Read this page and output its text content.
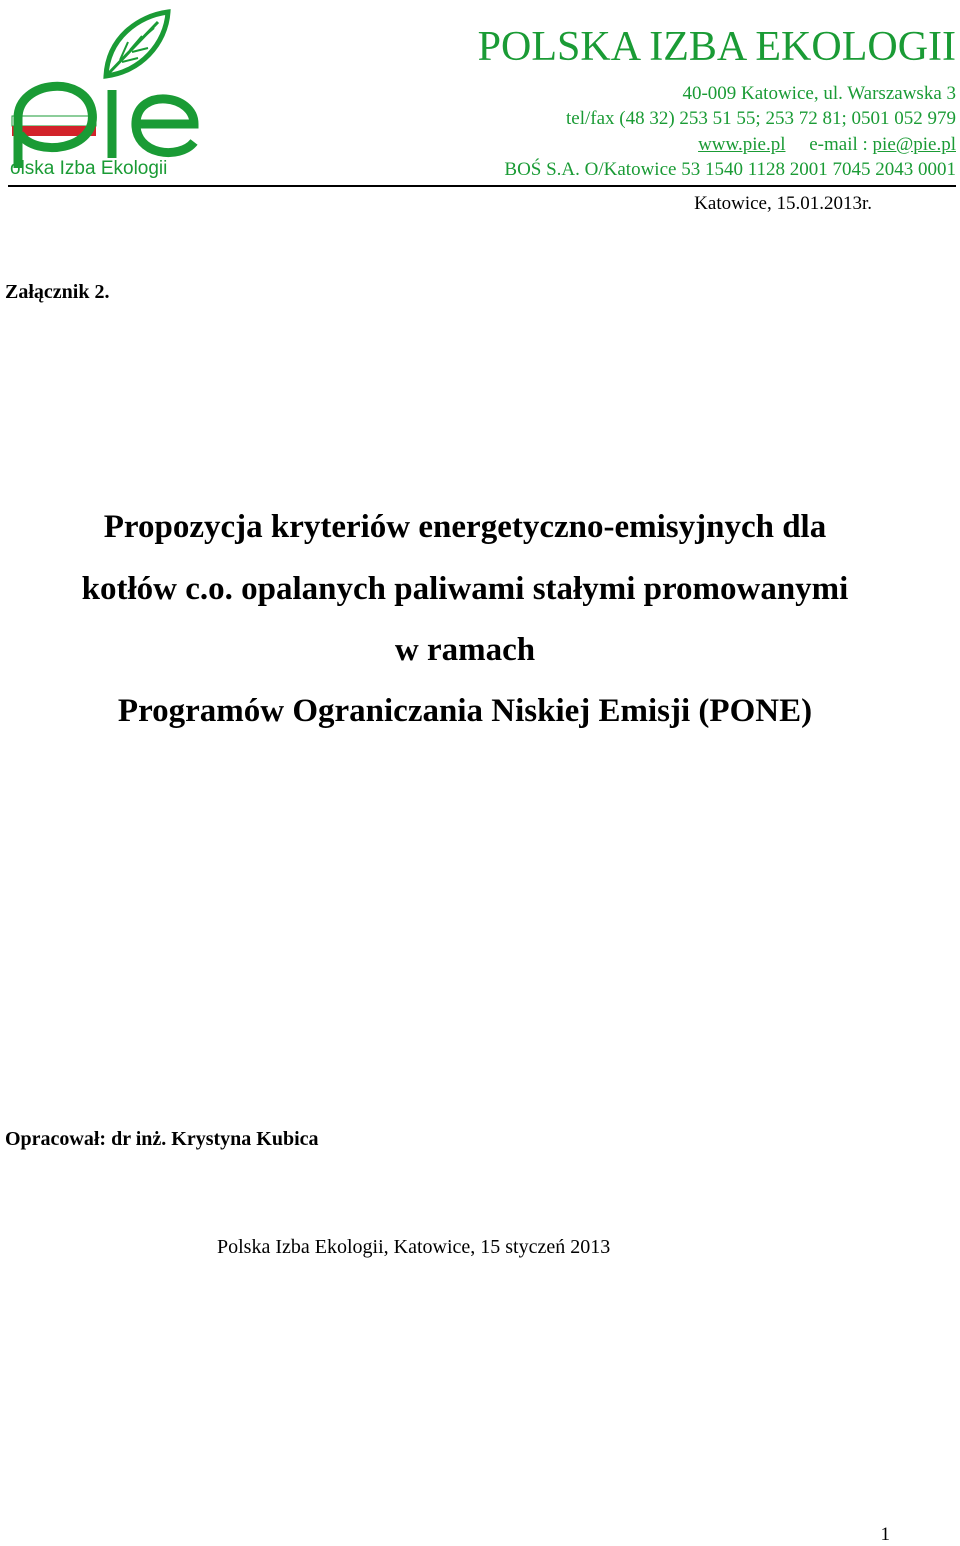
olska Izba Ekologii
POLSKA IZBA EKOLOGII
40-009 Katowice, ul. Warszawska 3
tel/fax (48 32) 253 51 55; 253 72 81; 0501 052 979
www.pie.pl e-mail : pie@pie.pl
BOŚ S.A. O/Katowice 53 1540 1128 2001 7045 2043 0001
Katowice, 15.01.2013r.
Załącznik 2.
Propozycja kryteriów energetyczno-emisyjnych dla
kotłów c.o. opalanych paliwami stałymi promowanymi
w ramach
Programów Ograniczania Niskiej Emisji (PONE)
Opracował: dr inż. Krystyna Kubica
Polska Izba Ekologii, Katowice, 15 styczeń 2013
1
